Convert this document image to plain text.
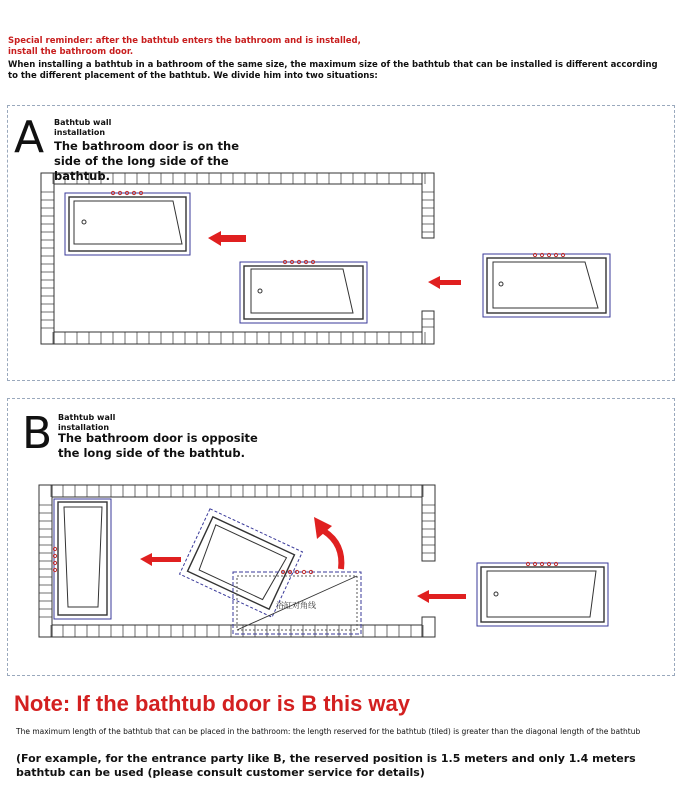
Special reminder: after the bathtub enters the bathroom and is installed, install the bathroom door.
When installing a bathtub in a bathroom of the same size, the maximum size of the bathtub that can be installed is different according to the different placement of the bathtub. We divide him into two situations:
A Bathtub wall installation
The bathroom door is on the side of the long side of the bathtub.
浴缸对角线
B Bathtub wall installation
The bathroom door is opposite the long side of the bathtub.
Note: If the bathtub door is B this way
The maximum length of the bathtub that can be placed in the bathroom: the length reserved for the bathtub (tiled) is greater than the diagonal length of the bathtub
(For example, for the entrance party like B, the reserved position is 1.5 meters and only 1.4 meters bathtub can be used (please consult customer service for details)
